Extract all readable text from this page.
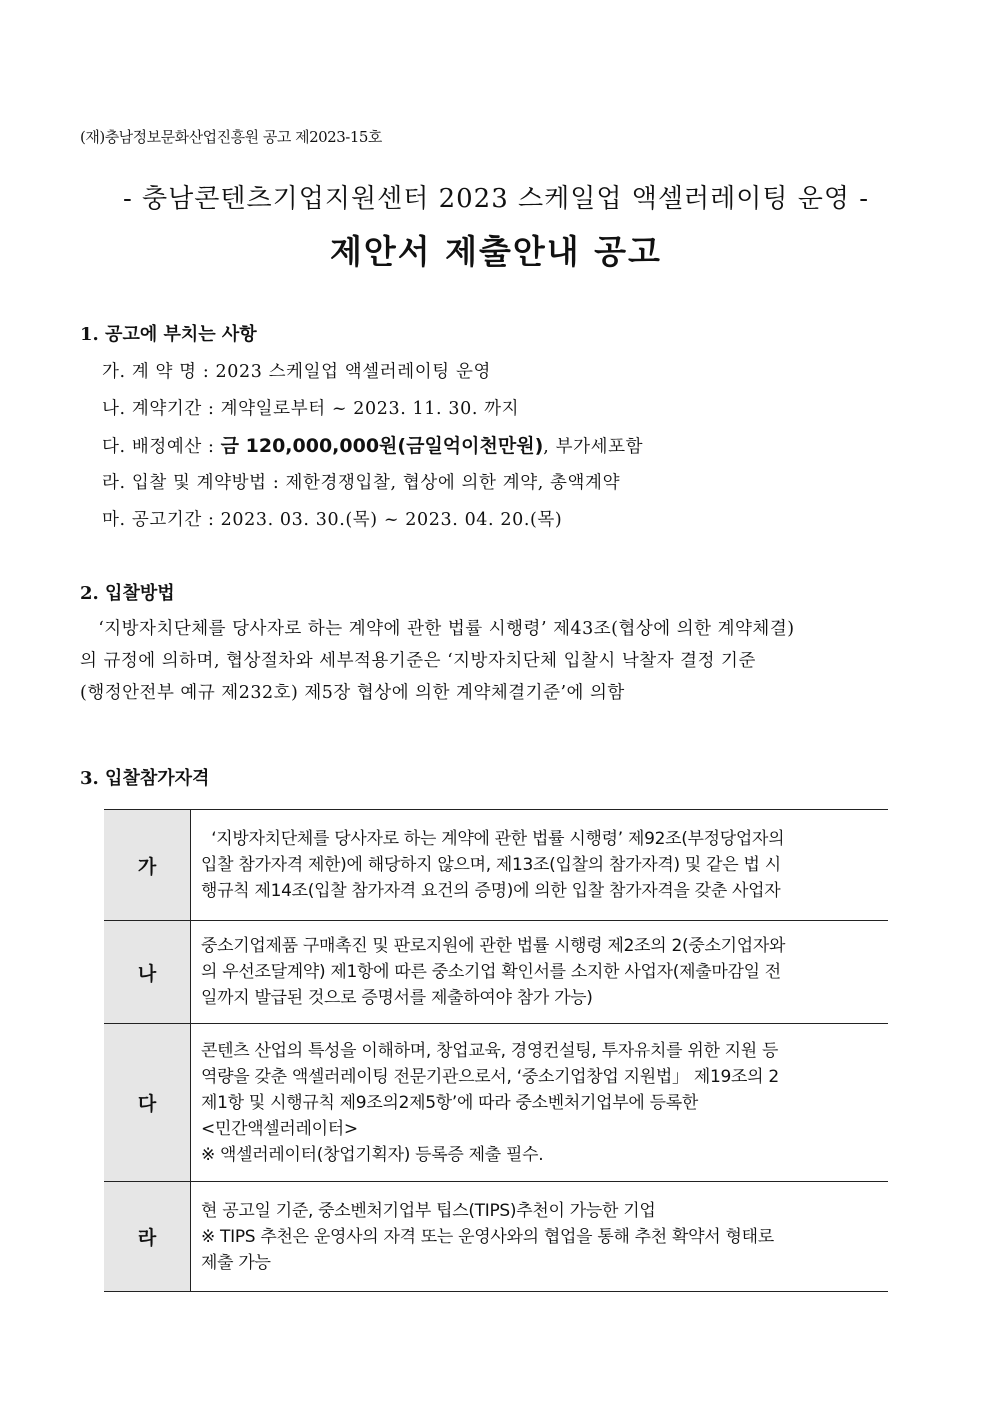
(재)충남정보문화산업진흥원 공고 제2023-15호
- 충남콘텐츠기업지원센터 2023 스케일업 액셀러레이팅 운영 -
제안서 제출안내 공고
1. 공고에 부치는 사항
가. 계 약 명 : 2023 스케일업 액셀러레이팅 운영
나. 계약기간 : 계약일로부터 ~ 2023. 11. 30. 까지
다. 배정예산 : 금 120,000,000원(금일억이천만원), 부가세포함
라. 입찰 및 계약방법 : 제한경쟁입찰, 협상에 의한 계약, 총액계약
마. 공고기간 : 2023. 03. 30.(목) ~ 2023. 04. 20.(목)
2. 입찰방법
‘지방자치단체를 당사자로 하는 계약에 관한 법률 시행령’ 제43조(협상에 의한 계약체결)
의 규정에 의하며, 협상절차와 세부적용기준은 ‘지방자치단체 입찰시 낙찰자 결정 기준
(행정안전부 예규 제232호) 제5장 협상에 의한 계약체결기준’에 의함
3. 입찰참가자격
가	‘지방자치단체를 당사자로 하는 계약에 관한 법률 시행령’ 제92조(부정당업자의
입찰 참가자격 제한)에 해당하지 않으며, 제13조(입찰의 참가자격) 및 같은 법 시
행규칙 제14조(입찰 참가자격 요건의 증명)에 의한 입찰 참가자격을 갖춘 사업자

나	중소기업제품 구매촉진 및 판로지원에 관한 법률 시행령 제2조의 2(중소기업자와
의 우선조달계약) 제1항에 따른 중소기업 확인서를 소지한 사업자(제출마감일 전
일까지 발급된 것으로 증명서를 제출하여야 참가 가능)

다	콘텐츠 산업의 특성을 이해하며, 창업교육, 경영컨설팅, 투자유치를 위한 지원 등
역량을 갖춘 액셀러레이팅 전문기관으로서, ‘중소기업창업 지원법」 제19조의 2
제1항 및 시행규칙 제9조의2제5항’에 따라 중소벤처기업부에 등록한
<민간액셀러레이터>
※ 액셀러레이터(창업기획자) 등록증 제출 필수.

라	현 공고일 기준, 중소벤처기업부 팁스(TIPS)추천이 가능한 기업
※ TIPS 추천은 운영사의 자격 또는 운영사와의 협업을 통해 추천 확약서 형태로
제출 가능
